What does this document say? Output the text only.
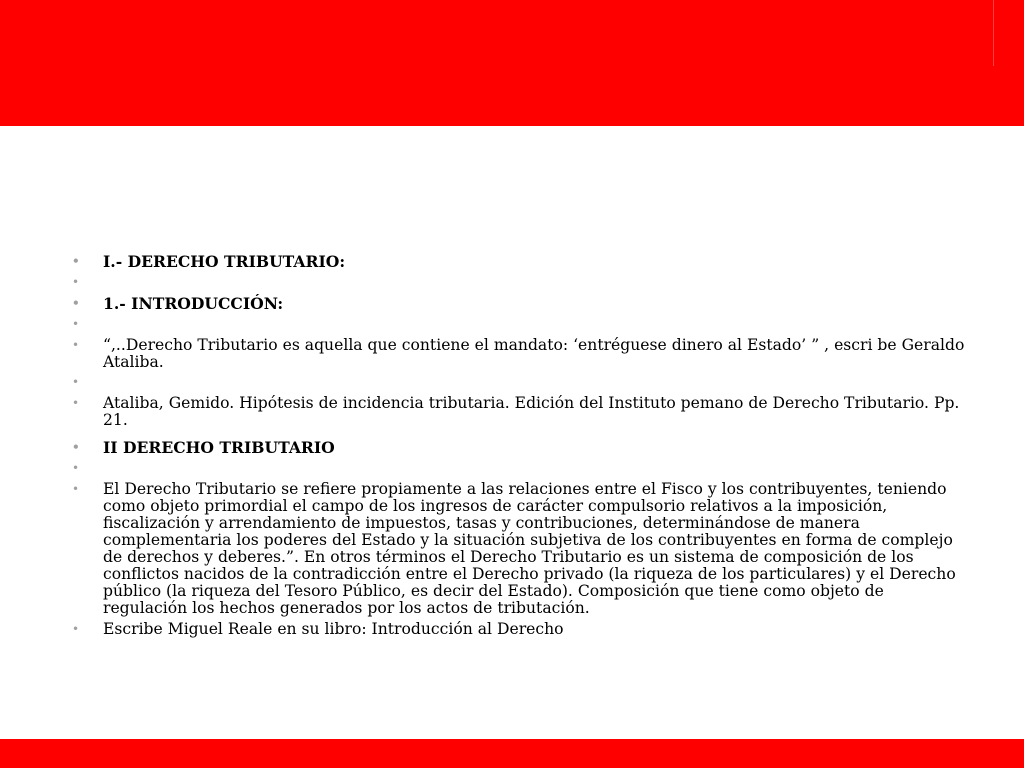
• I.- DERECHO TRIBUTARIO:
•
• 1.- INTRODUCCIÓN:
•
• “,..Derecho Tributario es aquella que contiene el mandato: ‘entréguese dinero al Estado’ ” , escri be Geraldo Ataliba.
•
• Ataliba, Gemido. Hipótesis de incidencia tributaria. Edición del Instituto pemano de Derecho Tributario. Pp. 21.
• II DERECHO TRIBUTARIO
•
• El Derecho Tributario se refiere propiamente a las relaciones entre el Fisco y los contribuyentes, teniendo como objeto primordial el campo de los ingresos de carácter compulsorio relativos a la imposición, fiscalización y arrendamiento de impuestos, tasas y contribuciones, determinándose de manera complementaria los poderes del Estado y la situación subjetiva de los contribuyentes en forma de complejo de derechos y deberes.”. En otros términos el Derecho Tributario es un sistema de composición de los conflictos nacidos de la contradicción entre el Derecho privado (la riqueza de los particulares) y el Derecho público (la riqueza del Tesoro Público, es decir del Estado). Composición que tiene como objeto de regulación los hechos generados por los actos de tributación.
• Escribe Miguel Reale en su libro: Introducción al Derecho
